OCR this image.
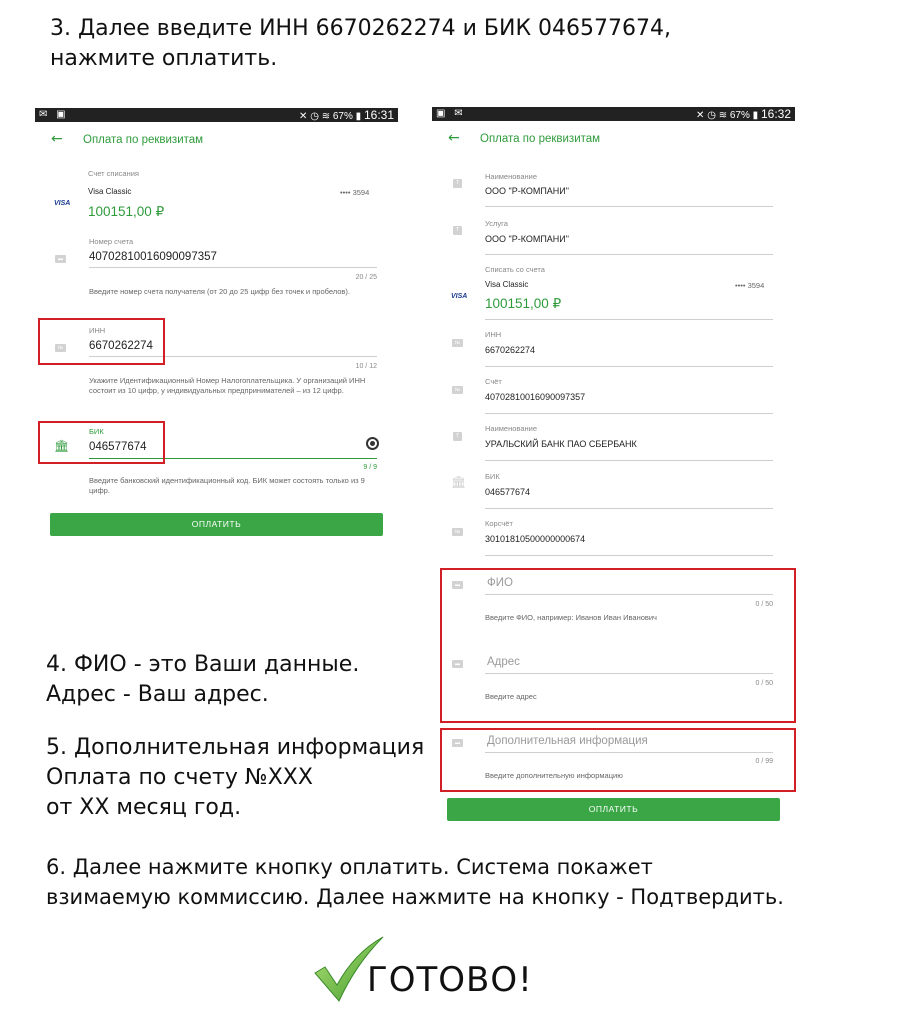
3. Далее введите ИНН 6670262274 и БИК 046577674,
нажмите оплатить.
✉ ▣	✕ ◷ ≋ 67% ▮ 16:31
← Оплата по реквизитам
Счет списания
VISA
Visa Classic	•••• 3594
100151,00 ₽
▬
Номер счета
40702810016090097357
20 / 25
Введите номер счета получателя (от 20 до 25 цифр без точек и пробелов).
№
ИНН
6670262274
10 / 12
Укажите Идентификационный Номер Налогоплательщика. У организаций ИНН состоит из 10 цифр, у индивидуальных предпринимателей – из 12 цифр.
🏛︎
БИК
046577674
9 / 9
Введите банковский идентификационный код. БИК может состоять только из 9 цифр.
ОПЛАТИТЬ
▣ ✉	✕ ◷ ≋ 67% ▮ 16:32
← Оплата по реквизитам
T
Наименование
ООО "Р-КОМПАНИ"
T
Услуга
ООО "Р-КОМПАНИ"
Списать со счета
VISA
Visa Classic	•••• 3594
100151,00 ₽
№
ИНН
6670262274
№
Счёт
40702810016090097357
T
Наименование
УРАЛЬСКИЙ БАНК ПАО СБЕРБАНК
🏛︎	БИК
046577674
№
Корсчёт
30101810500000000674
▬ ФИО
0 / 50
Введите ФИО, например: Иванов Иван Иванович
▬ Адрес
0 / 50
Введите адрес
▬ Дополнительная информация
0 / 99
Введите дополнительную информацию
ОПЛАТИТЬ
4. ФИО - это Ваши данные.
Адрес - Ваш адрес.
5. Дополнительная информация
Оплата по счету №XXX
от XX месяц год.
6. Далее нажмите кнопку оплатить. Система покажет
взимаемую коммиссию. Далее нажмите на кнопку - Подтвердить.
ГОТОВО!
